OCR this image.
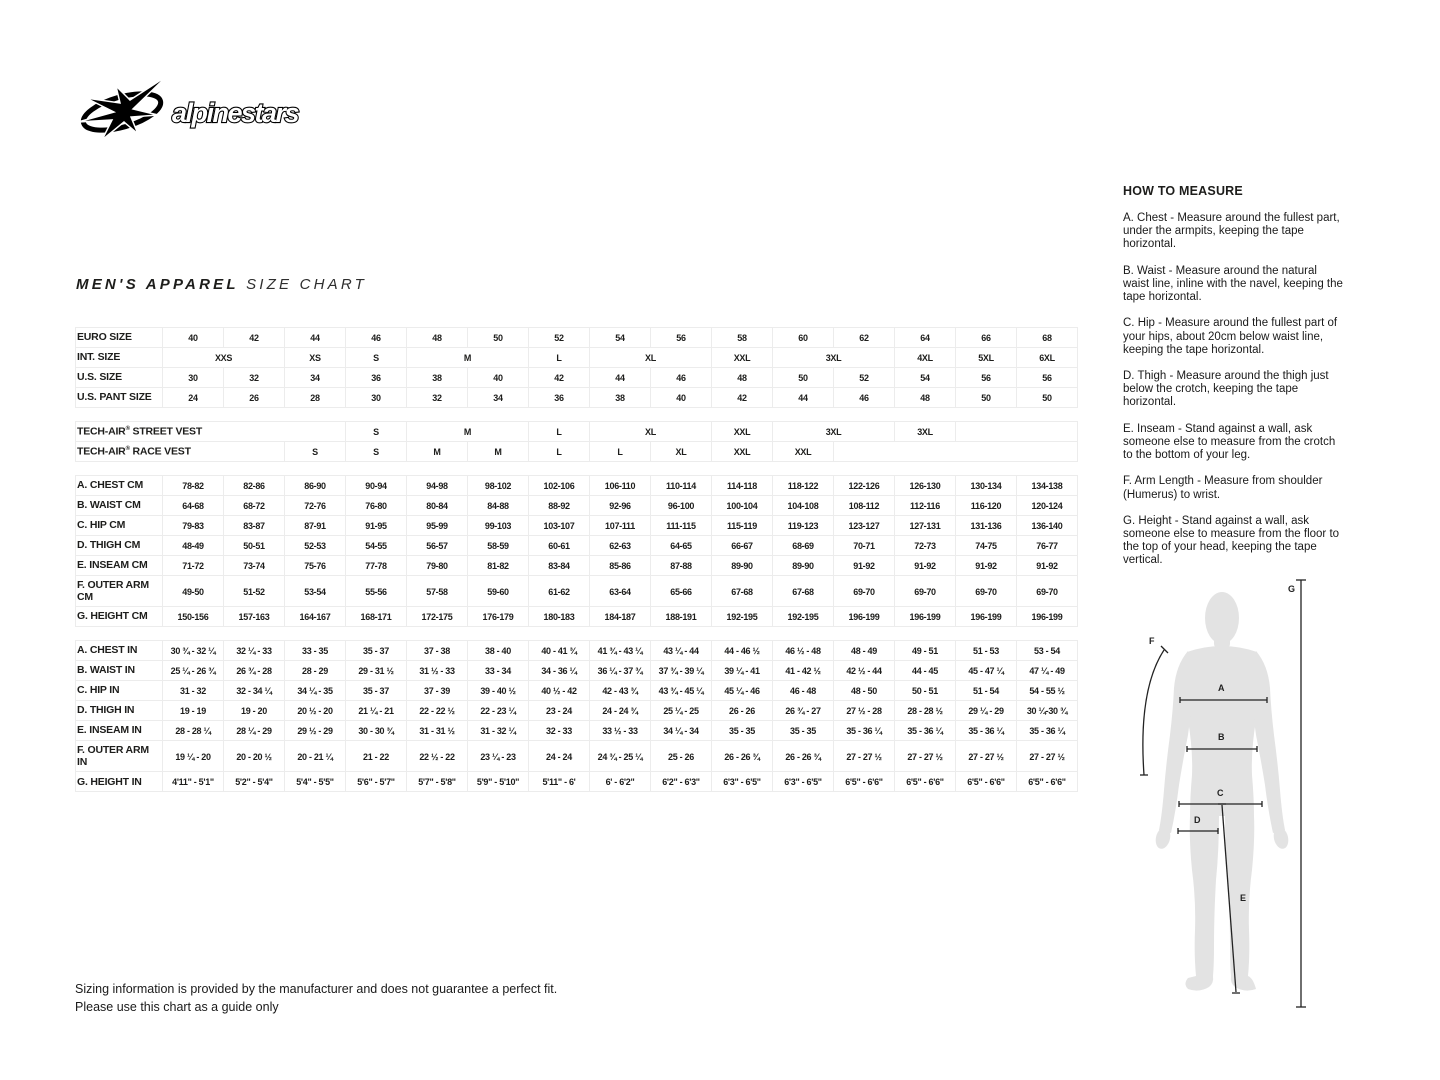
alpinestars
MEN'S APPAREL SIZE CHART
EURO SIZE	40	42	44	46	48	50	52	54	56	58	60	62	64	66	68
INT. SIZE	XXS		XS	S	M		L	XL		XXL	3XL		4XL	5XL	6XL
U.S. SIZE	30	32	34	36	38	40	42	44	46	48	50	52	54	56	56
U.S. PANT SIZE	24	26	28	30	32	34	36	38	40	42	44	46	48	50	50

TECH-AIR® STREET VEST				S	M		L	XL		XXL	3XL		3XL		
TECH-AIR® RACE VEST			S	S	M	M	L	L	XL	XXL	XXL				

A. CHEST CM	78-82	82-86	86-90	90-94	94-98	98-102	102-106	106-110	110-114	114-118	118-122	122-126	126-130	130-134	134-138
B. WAIST CM	64-68	68-72	72-76	76-80	80-84	84-88	88-92	92-96	96-100	100-104	104-108	108-112	112-116	116-120	120-124
C. HIP CM	79-83	83-87	87-91	91-95	95-99	99-103	103-107	107-111	111-115	115-119	119-123	123-127	127-131	131-136	136-140
D. THIGH CM	48-49	50-51	52-53	54-55	56-57	58-59	60-61	62-63	64-65	66-67	68-69	70-71	72-73	74-75	76-77
E. INSEAM CM	71-72	73-74	75-76	77-78	79-80	81-82	83-84	85-86	87-88	89-90	89-90	91-92	91-92	91-92	91-92
F. OUTER ARM CM	49-50	51-52	53-54	55-56	57-58	59-60	61-62	63-64	65-66	67-68	67-68	69-70	69-70	69-70	69-70
G. HEIGHT CM	150-156	157-163	164-167	168-171	172-175	176-179	180-183	184-187	188-191	192-195	192-195	196-199	196-199	196-199	196-199

A. CHEST IN	30 ¾ - 32 ¼	32 ¼ - 33	33 - 35	35 - 37	37 - 38	38 - 40	40 - 41 ¾	41 ¾ - 43 ¼	43 ¼ - 44	44 - 46 ½	46 ½ - 48	48 - 49	49 - 51	51 - 53	53 - 54
B. WAIST IN	25 ¼ - 26 ¾	26 ¾ - 28	28 - 29	29 - 31 ½	31 ½ - 33	33 - 34	34 - 36 ¼	36 ¼ - 37 ¾	37 ¾ - 39 ¼	39 ¼ - 41	41 - 42 ½	42 ½ - 44	44 - 45	45 - 47 ¼	47 ¼ - 49
C. HIP IN	31 - 32	32 - 34 ¼	34 ¼ - 35	35 - 37	37 - 39	39 - 40 ½	40 ½ - 42	42 - 43 ¾	43 ¾ - 45 ¼	45 ¼ - 46	46 - 48	48 - 50	50 - 51	51 - 54	54 - 55 ½
D. THIGH IN	19 - 19	19 - 20	20 ½ - 20	21 ¼ - 21	22 - 22 ½	22 - 23 ¼	23 - 24	24 - 24 ¾	25 ¼ - 25	26 - 26	26 ¾ - 27	27 ½ - 28	28 - 28 ½	29 ¼ - 29	30 ¼-30 ¾
E. INSEAM IN	28 - 28 ¼	28 ¼ - 29	29 ½ - 29	30 - 30 ¾	31 - 31 ½	31 - 32 ¼	32 - 33	33 ½ - 33	34 ¼ - 34	35 - 35	35 - 35	35 - 36 ¼	35 - 36 ¼	35 - 36 ¼	35 - 36 ¼
F. OUTER ARM IN	19 ¼ - 20	20 - 20 ½	20 - 21 ¼	21 - 22	22 ½ - 22	23 ¼ - 23	24 - 24	24 ¾ - 25 ¼	25 - 26	26 - 26 ¾	26 - 26 ¾	27 - 27 ½	27 - 27 ½	27 - 27 ½	27 - 27 ½
G. HEIGHT IN	4'11" - 5'1"	5'2" - 5'4"	5'4" - 5'5"	5'6" - 5'7"	5'7" - 5'8"	5'9" - 5'10"	5'11" - 6'	6' - 6'2"	6'2" - 6'3"	6'3" - 6'5"	6'3" - 6'5"	6'5" - 6'6"	6'5" - 6'6"	6'5" - 6'6"	6'5" - 6'6"
HOW TO MEASURE

A. Chest - Measure around the fullest part, under the armpits, keeping the tape horizontal.

B. Waist - Measure around the natural waist line, inline with the navel, keeping the tape horizontal.

C. Hip - Measure around the fullest part of your hips, about 20cm below waist line, keeping the tape horizontal.

D. Thigh - Measure around the thigh just below the crotch, keeping the tape horizontal.

E. Inseam - Stand against a wall, ask someone else to measure from the crotch to the bottom of your leg.

F. Arm Length - Measure from shoulder (Humerus) to wrist.

G. Height - Stand against a wall, ask someone else to measure from the floor to the top of your head, keeping the tape vertical.

A
B
C
D
E
F
G
Sizing information is provided by the manufacturer and does not guarantee a perfect fit.
Please use this chart as a guide only
